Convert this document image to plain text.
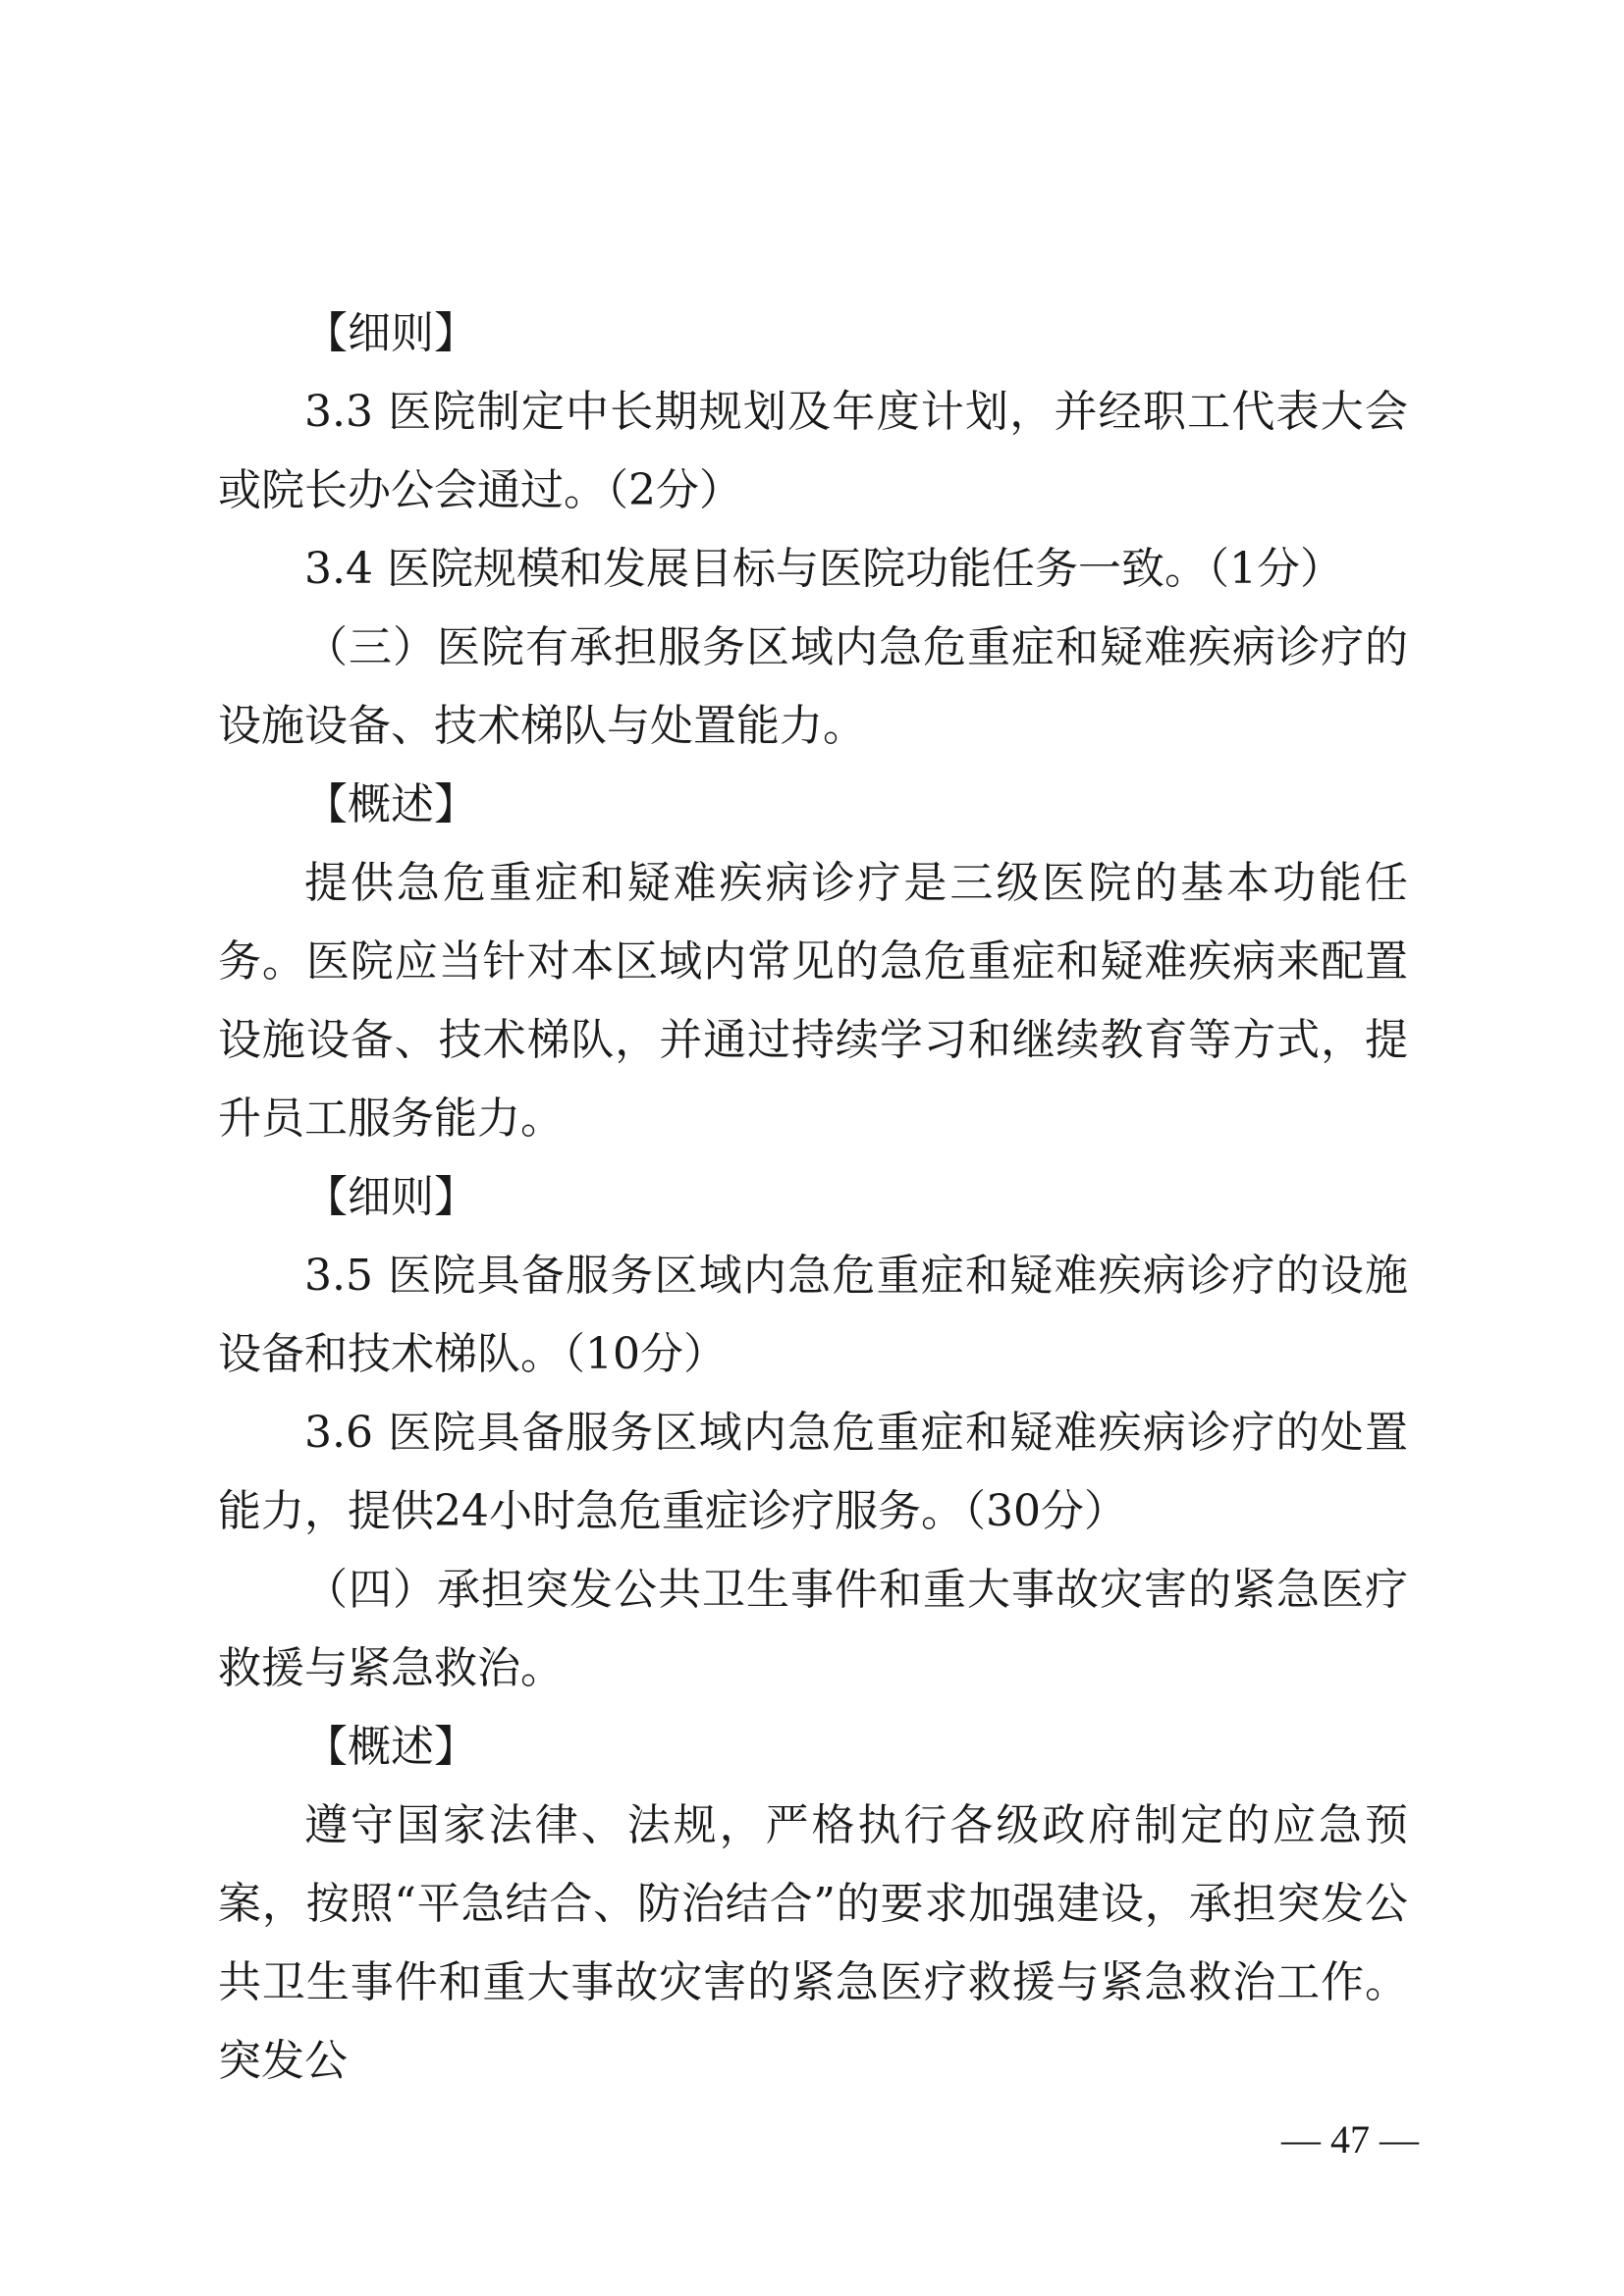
【细则】

3.3 医院制定中长期规划及年度计划，并经职工代表大会或院长办公会通过。（2分）

3.4 医院规模和发展目标与医院功能任务一致。（1分）

（三）医院有承担服务区域内急危重症和疑难疾病诊疗的设施设备、技术梯队与处置能力。

【概述】

提供急危重症和疑难疾病诊疗是三级医院的基本功能任务。医院应当针对本区域内常见的急危重症和疑难疾病来配置设施设备、技术梯队，并通过持续学习和继续教育等方式，提升员工服务能力。

【细则】

3.5 医院具备服务区域内急危重症和疑难疾病诊疗的设施设备和技术梯队。（10分）

3.6 医院具备服务区域内急危重症和疑难疾病诊疗的处置能力，提供24小时急危重症诊疗服务。（30分）

（四）承担突发公共卫生事件和重大事故灾害的紧急医疗救援与紧急救治。

【概述】

遵守国家法律、法规，严格执行各级政府制定的应急预案，按照“平急结合、防治结合”的要求加强建设，承担突发公共卫生事件和重大事故灾害的紧急医疗救援与紧急救治工作。突发公

— 47 —
